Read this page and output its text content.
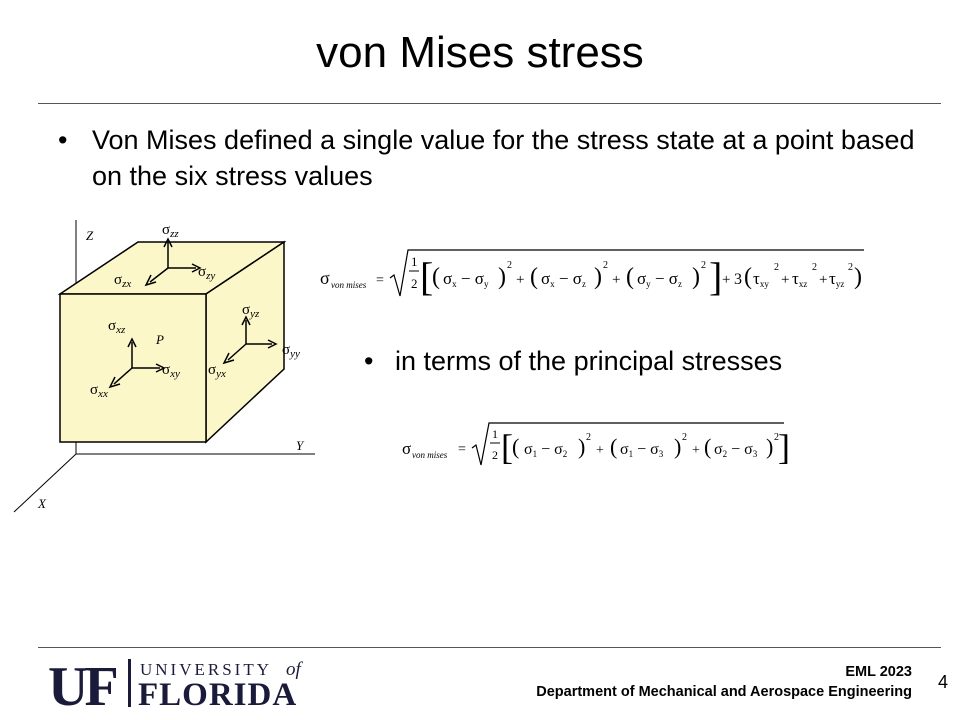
von Mises stress
• Von Mises defined a single value for the stress state at a point based on the six stress values
Z
Y
X
P
$\sigma_{zz}$
$\sigma_{zy}$
$\sigma_{zx}$
$\sigma_{yz}$
$\sigma_{yy}$
$\sigma_{yx}$
$\sigma_{xz}$
$\sigma_{xy}$
$\sigma_{xx}$
σ von mises =
1
2 [
( σx − σy ) 2
+ ( σx − σz ) 2
+ ( σy − σz ) 2 ] + 3 ( τxy
2
+ τxz
2
+ τyz
2 )
• in terms of the principal stresses
σ von mises =
1
2 [ ( σ1 − σ2 ) 2
+ ( σ1 − σ3 ) 2
+ ( σ2 − σ3 ) 2 ]
UF UNIVERSITY of
FLORIDA
EML 2023
Department of Mechanical and Aerospace Engineering 4
